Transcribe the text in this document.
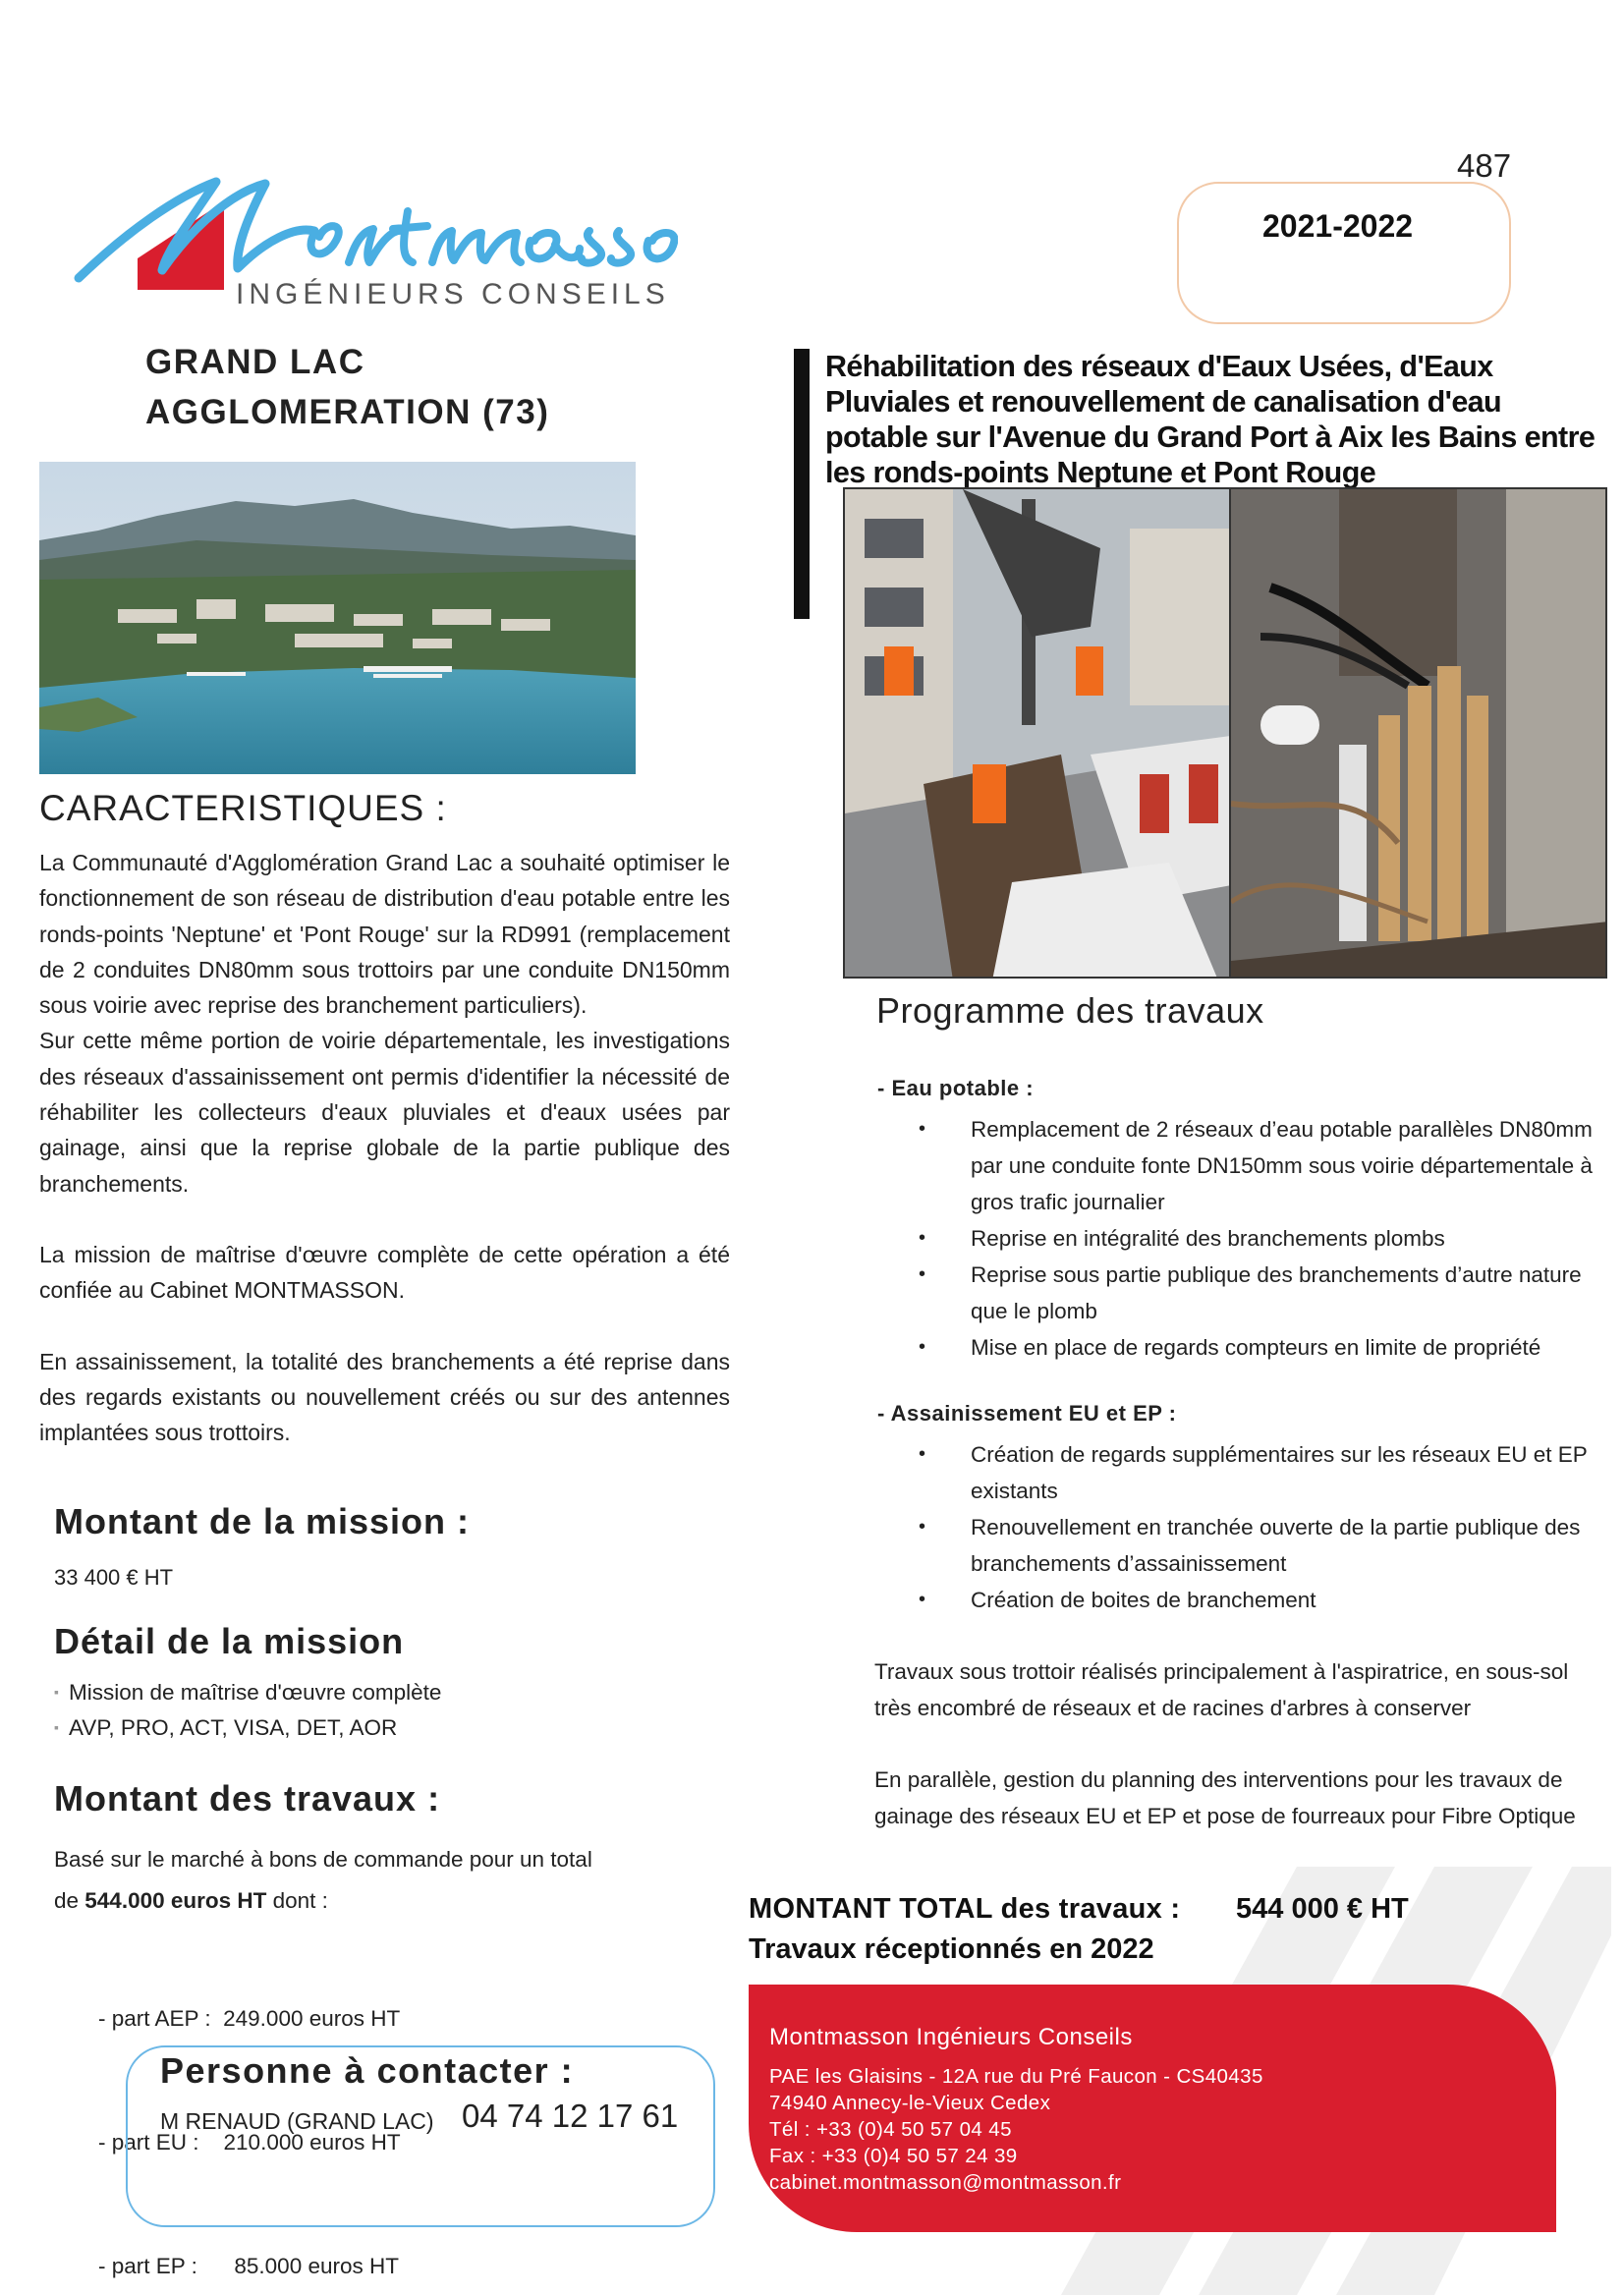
INGÉNIEURS CONSEILS
487
2021-2022
GRAND LAC
AGGLOMERATION (73)
Réhabilitation des réseaux d'Eaux Usées, d'Eaux Pluviales et renouvellement de canalisation d'eau potable sur l'Avenue du Grand Port à Aix les Bains entre les ronds-points Neptune et Pont Rouge
CARACTERISTIQUES :

La Communauté d'Agglomération Grand Lac a souhaité optimiser le fonctionnement de son réseau de distribution d'eau potable entre les ronds-points 'Neptune' et 'Pont Rouge' sur la RD991 (remplacement de 2 conduites DN80mm sous trottoirs par une conduite DN150mm sous voirie avec reprise des branchement particuliers).

Sur cette même portion de voirie départementale, les investigations des réseaux d'assainissement ont permis d'identifier la nécessité de réhabiliter les collecteurs d'eaux pluviales et d'eaux usées par gainage, ainsi que la reprise globale de la partie publique des branchements.

La mission de maîtrise d'œuvre complète de cette opération a été confiée au Cabinet MONTMASSON.

En assainissement, la totalité des branchements a été reprise dans des regards existants ou nouvellement créés ou sur des antennes implantées sous trottoirs.

Montant de la mission :
33 400 € HT
Détail de la mission
▪ Mission de maîtrise d'œuvre complète
▪ AVP, PRO, ACT, VISA, DET, AOR
Montant des travaux :
Basé sur le marché à bons de commande pour un total
de 544.000 euros HT dont :

- part AEP :  249.000 euros HT

- part EU :    210.000 euros HT

- part EP :      85.000 euros HT

Personne à contacter :
M RENAUD (GRAND LAC) 04 74 12 17 61
Programme des travaux
- Eau potable :
• Remplacement de 2 réseaux d’eau potable parallèles DN80mm par une conduite fonte DN150mm sous voirie départementale à gros trafic journalier
• Reprise en intégralité des branchements plombs
• Reprise sous partie publique des branchements d’autre nature que le plomb
• Mise en place de regards compteurs en limite de propriété
- Assainissement EU et EP :
• Création de regards supplémentaires sur les réseaux EU et EP existants
• Renouvellement en tranchée ouverte de la partie publique des branchements d’assainissement
• Création de boites de branchement
Travaux sous trottoir réalisés principalement à l'aspiratrice, en sous-sol très encombré de réseaux et de racines d'arbres à conserver
En parallèle, gestion du planning des interventions pour les travaux de gainage des réseaux EU et EP et pose de fourreaux pour Fibre Optique
MONTANT TOTAL des travaux : 544 000 € HT
Travaux réceptionnés en 2022
Montmasson Ingénieurs Conseils
PAE les Glaisins - 12A rue du Pré Faucon - CS40435
74940 Annecy-le-Vieux Cedex
Tél : +33 (0)4 50 57 04 45
Fax : +33 (0)4 50 57 24 39
cabinet.montmasson@montmasson.fr
